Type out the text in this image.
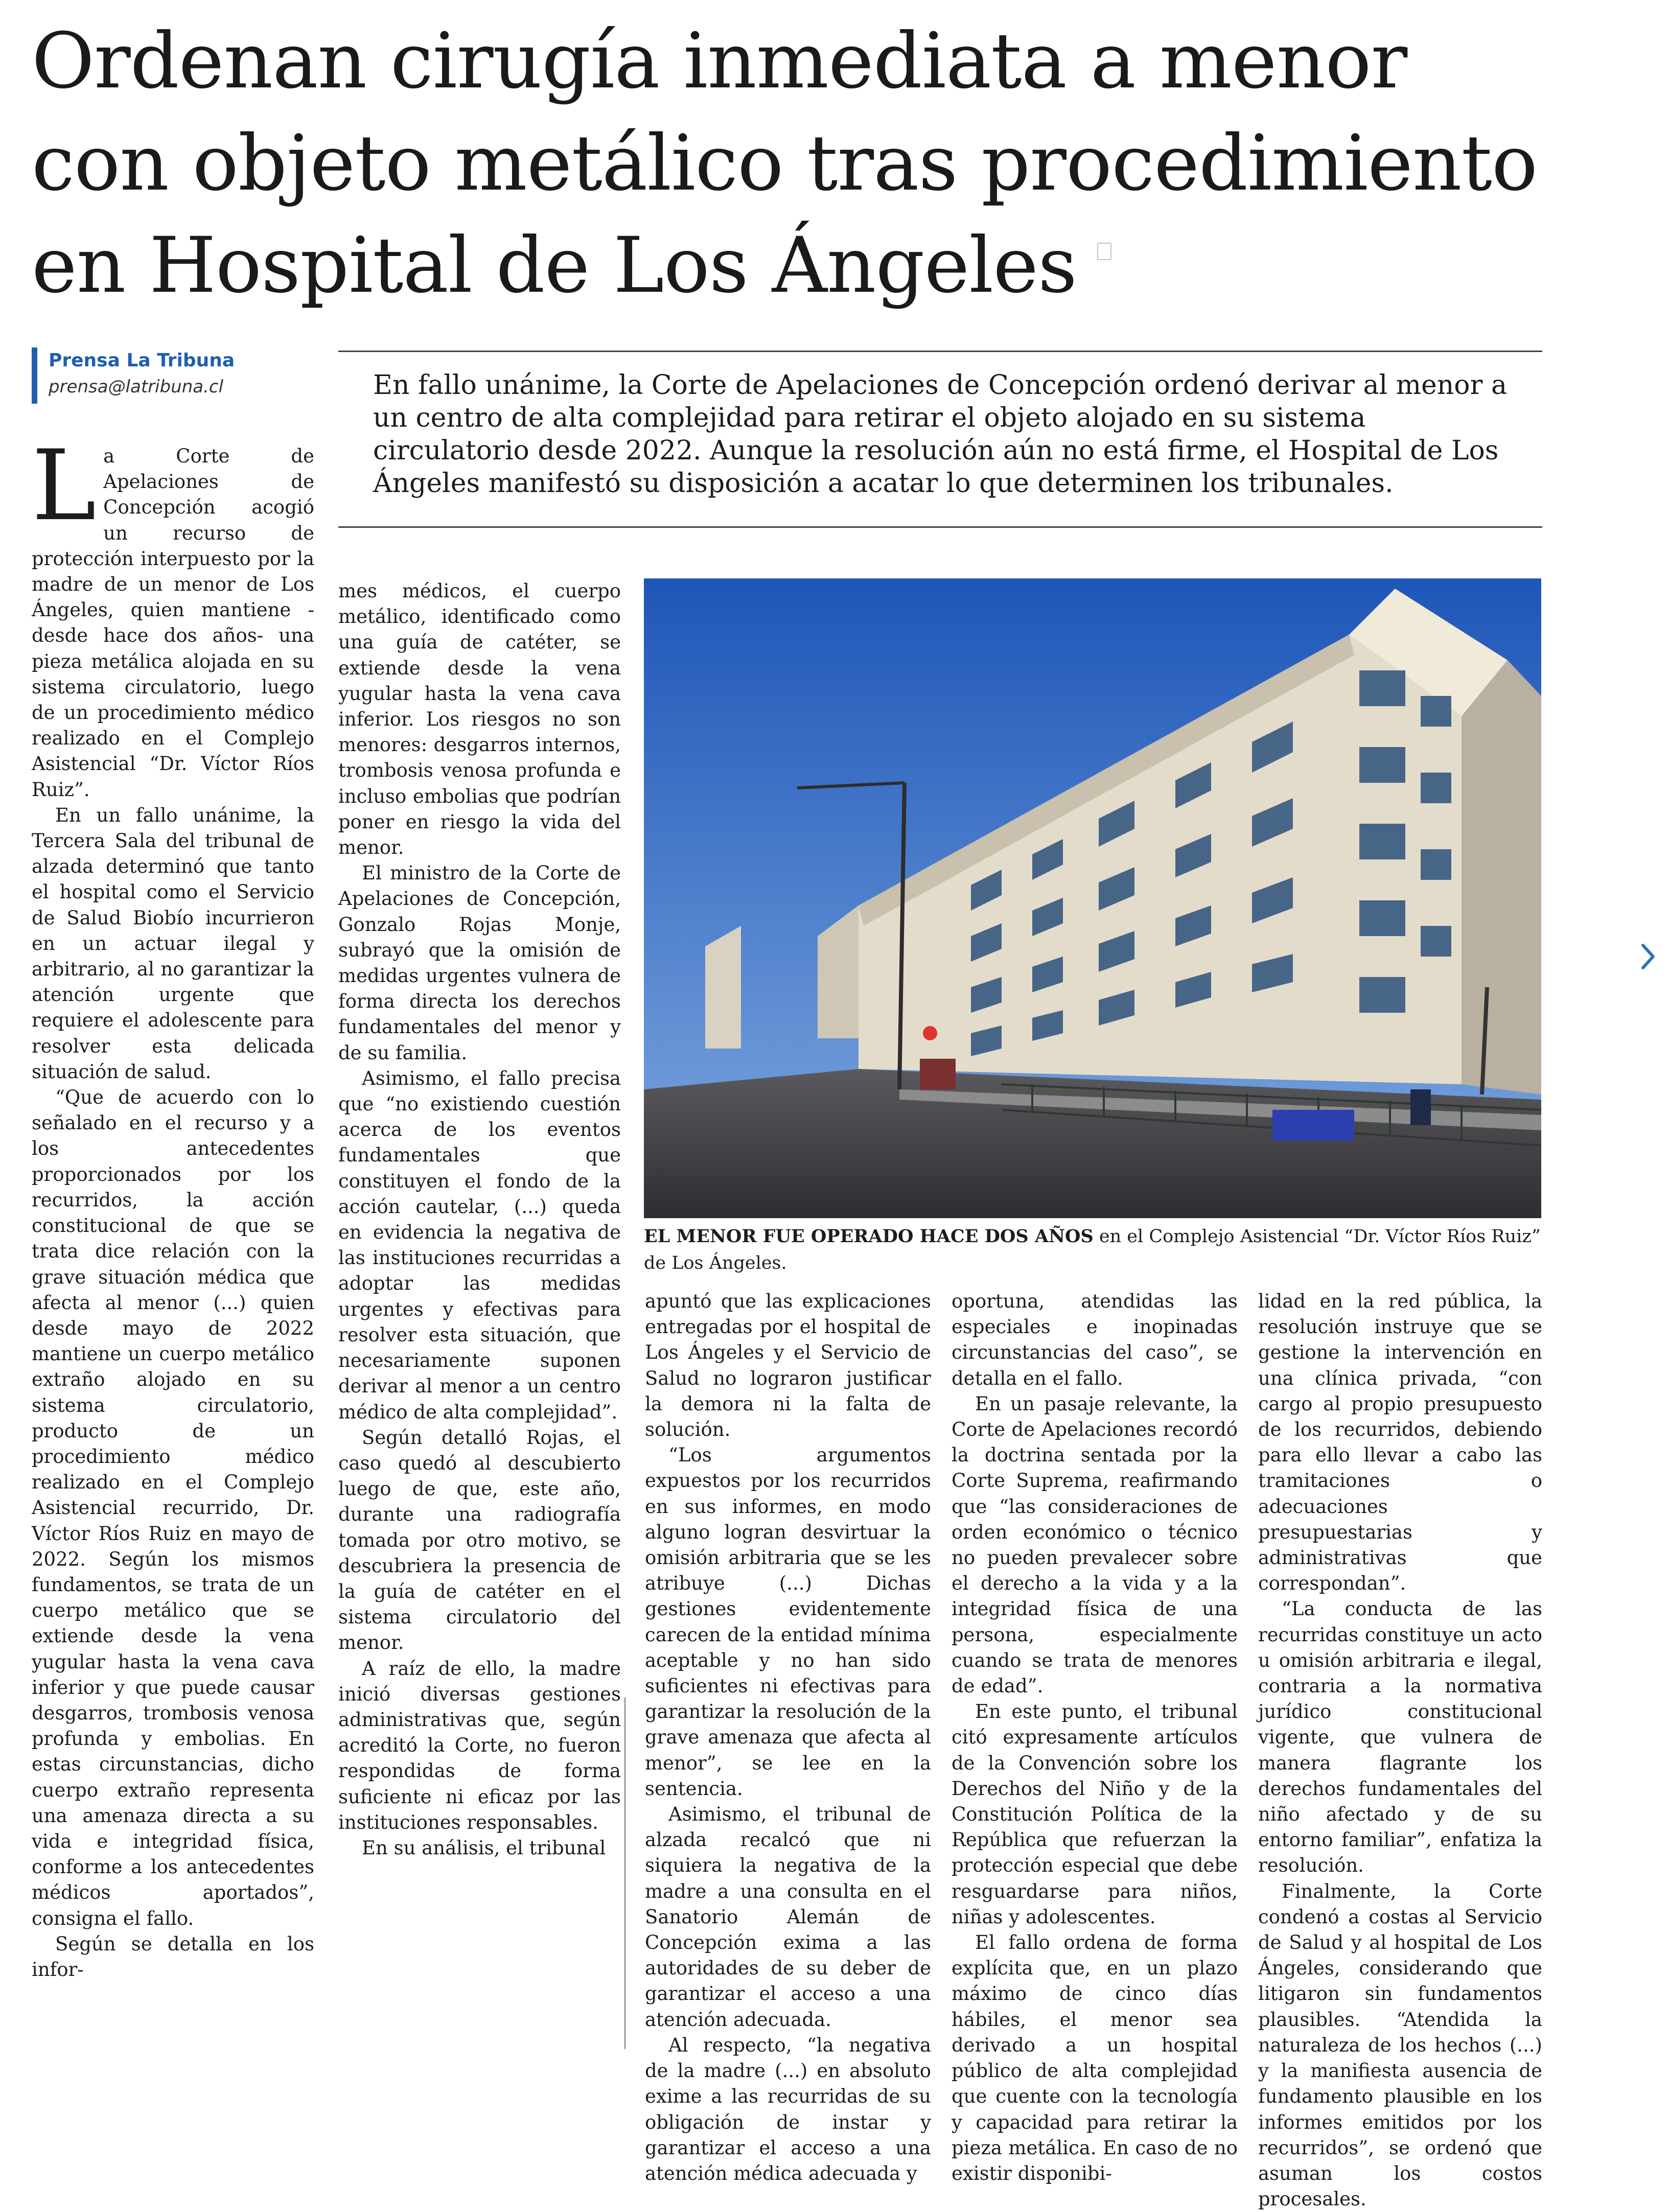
Ordenan cirugía inmediata a menor
con objeto metálico tras procedimiento
en Hospital de Los Ángeles
Prensa La Tribuna
prensa@latribuna.cl	En fallo unánime, la Corte de Apelaciones de Concepción ordenó derivar al menor a un centro de alta complejidad para retirar el objeto alojado en su sistema circulatorio desde 2022. Aunque la resolución aún no está firme, el Hospital de Los Ángeles manifestó su disposición a acatar lo que determinen los tribunales.

EL MENOR FUE OPERADO HACE DOS AÑOS en el Complejo Asistencial “Dr. Víctor Ríos Ruiz” de Los Ángeles.

La Corte de Apelaciones de Concepción acogió un recurso de protección interpuesto por la madre de un menor de Los Ángeles, quien mantiene -desde hace dos años- una pieza metálica alojada en su sistema circulatorio, luego de un procedimiento médico realizado en el Complejo Asistencial “Dr. Víctor Ríos Ruiz”.

En un fallo unánime, la Tercera Sala del tribunal de alzada determinó que tanto el hospital como el Servicio de Salud Biobío incurrieron en un actuar ilegal y arbitrario, al no garantizar la atención urgente que requiere el adolescente para resolver esta delicada situación de salud.

“Que de acuerdo con lo señalado en el recurso y a los antecedentes proporcionados por los recurridos, la acción constitucional de que se trata dice relación con la grave situación médica que afecta al menor (...) quien desde mayo de 2022 mantiene un cuerpo metálico extraño alojado en su sistema circulatorio, producto de un procedimiento médico realizado en el Complejo Asistencial recurrido, Dr. Víctor Ríos Ruiz en mayo de 2022. Según los mismos fundamentos, se trata de un cuerpo metálico que se extiende desde la vena yugular hasta la vena cava inferior y que puede causar desgarros, trombosis venosa profunda y embolias. En estas circunstancias, dicho cuerpo extraño representa una amenaza directa a su vida e integridad física, conforme a los antecedentes médicos aportados”, consigna el fallo.

Según se detalla en los infor-

mes médicos, el cuerpo metálico, identificado como una guía de catéter, se extiende desde la vena yugular hasta la vena cava inferior. Los riesgos no son menores: desgarros internos, trombosis venosa profunda e incluso embolias que podrían poner en riesgo la vida del menor.

El ministro de la Corte de Apelaciones de Concepción, Gonzalo Rojas Monje, subrayó que la omisión de medidas urgentes vulnera de forma directa los derechos fundamentales del menor y de su familia.

Asimismo, el fallo precisa que “no existiendo cuestión acerca de los eventos fundamentales que constituyen el fondo de la acción cautelar, (...) queda en evidencia la negativa de las instituciones recurridas a adoptar las medidas urgentes y efectivas para resolver esta situación, que necesariamente suponen derivar al menor a un centro médico de alta complejidad”.

Según detalló Rojas, el caso quedó al descubierto luego de que, este año, durante una radiografía tomada por otro motivo, se descubriera la presencia de la guía de catéter en el sistema circulatorio del menor.

A raíz de ello, la madre inició diversas gestiones administrativas que, según acreditó la Corte, no fueron respondidas de forma suficiente ni eficaz por las instituciones responsables.

En su análisis, el tribunal

apuntó que las explicaciones entregadas por el hospital de Los Ángeles y el Servicio de Salud no lograron justificar la demora ni la falta de solución.

“Los argumentos expuestos por los recurridos en sus informes, en modo alguno logran desvirtuar la omisión arbitraria que se les atribuye (...) Dichas gestiones evidentemente carecen de la entidad mínima aceptable y no han sido suficientes ni efectivas para garantizar la resolución de la grave amenaza que afecta al menor”, se lee en la sentencia.

Asimismo, el tribunal de alzada recalcó que ni siquiera la negativa de la madre a una consulta en el Sanatorio Alemán de Concepción exima a las autoridades de su deber de garantizar el acceso a una atención adecuada.

Al respecto, “la negativa de la madre (...) en absoluto exime a las recurridas de su obligación de instar y garantizar el acceso a una atención médica adecuada y

oportuna, atendidas las especiales e inopinadas circunstancias del caso”, se detalla en el fallo.

En un pasaje relevante, la Corte de Apelaciones recordó la doctrina sentada por la Corte Suprema, reafirmando que “las consideraciones de orden económico o técnico no pueden prevalecer sobre el derecho a la vida y a la integridad física de una persona, especialmente cuando se trata de menores de edad”.

En este punto, el tribunal citó expresamente artículos de la Convención sobre los Derechos del Niño y de la Constitución Política de la República que refuerzan la protección especial que debe resguardarse para niños, niñas y adolescentes.

El fallo ordena de forma explícita que, en un plazo máximo de cinco días hábiles, el menor sea derivado a un hospital público de alta complejidad que cuente con la tecnología y capacidad para retirar la pieza metálica. En caso de no existir disponibi-

lidad en la red pública, la resolución instruye que se gestione la intervención en una clínica privada, “con cargo al propio presupuesto de los recurridos, debiendo para ello llevar a cabo las tramitaciones o adecuaciones presupuestarias y administrativas que correspondan”.

“La conducta de las recurridas constituye un acto u omisión arbitraria e ilegal, contraria a la normativa jurídico constitucional vigente, que vulnera de manera flagrante los derechos fundamentales del niño afectado y de su entorno familiar”, enfatiza la resolución.

Finalmente, la Corte condenó a costas al Servicio de Salud y al hospital de Los Ángeles, considerando que litigaron sin fundamentos plausibles. “Atendida la naturaleza de los hechos (...) y la manifiesta ausencia de fundamento plausible en los informes emitidos por los recurridos”, se ordenó que asuman los costos procesales.
